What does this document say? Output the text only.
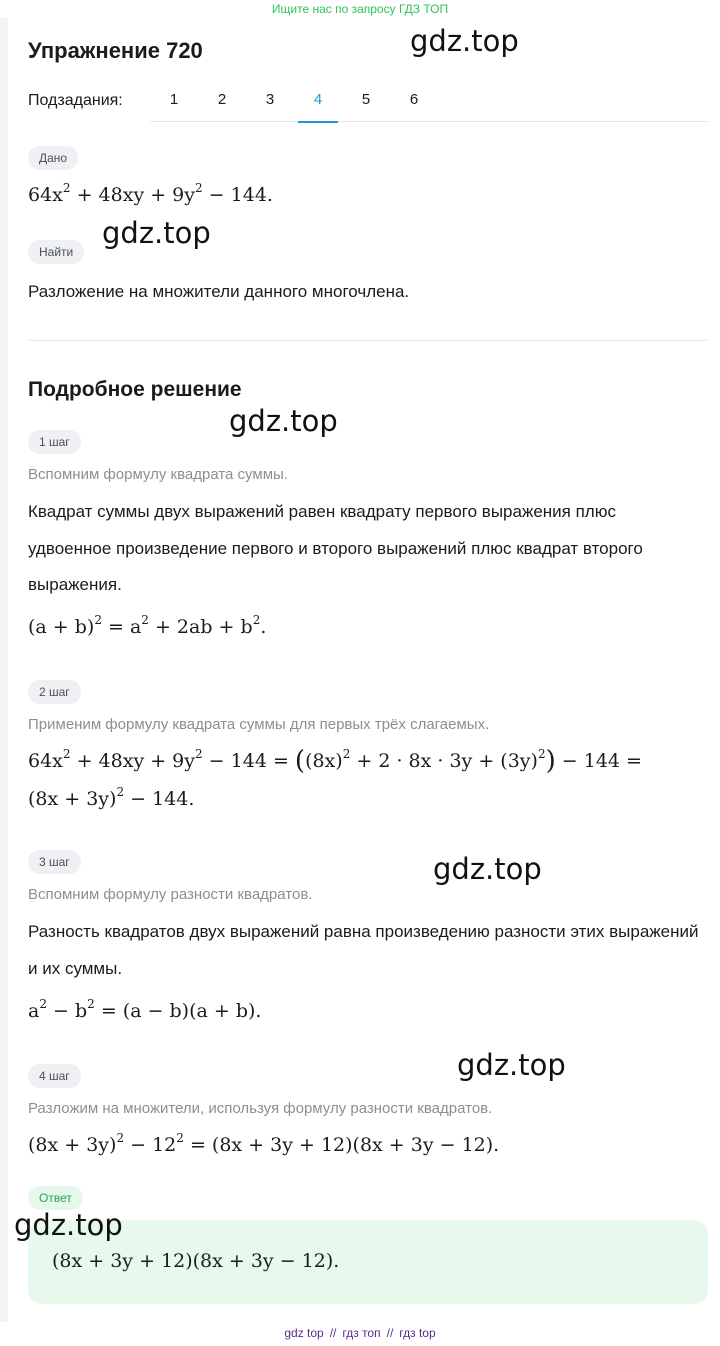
Ищите нас по запросу ГДЗ ТОП
Упражнение 720
Подзадания:	1	2	3	4	5	6
Дано
$64x^2 + 48xy + 9y^2 - 144$.
Найти
Разложение на множители данного многочлена.
Подробное решение
1 шаг
Вспомним формулу квадрата суммы.
Квадрат суммы двух выражений равен квадрату первого выражения плюс удвоенное произведение первого и второго выражений плюс квадрат второго выражения.
$(a + b)^2 = a^2 + 2ab + b^2$.
2 шаг
Применим формулу квадрата суммы для первых трёх слагаемых.
$64x^2 + 48xy + 9y^2 - 144 = ((8x)^2 + 2 \cdot 8x \cdot 3y + (3y)^2) - 144$ =
$(8x + 3y)^2 - 144$.
3 шаг
Вспомним формулу разности квадратов.
Разность квадратов двух выражений равна произведению разности этих выражений и их суммы.
$a^2 - b^2 = (a - b)(a + b)$.
4 шаг
Разложим на множители, используя формулу разности квадратов.
$(8x + 3y)^2 - 12^2 = (8x + 3y + 12)(8x + 3y - 12)$.
Ответ
(8x + 3y + 12)(8x + 3y − 12).
gdz.top
gdz.top
gdz.top
gdz.top
gdz.top
gdz.top
gdz top // гдз топ // гдз top
